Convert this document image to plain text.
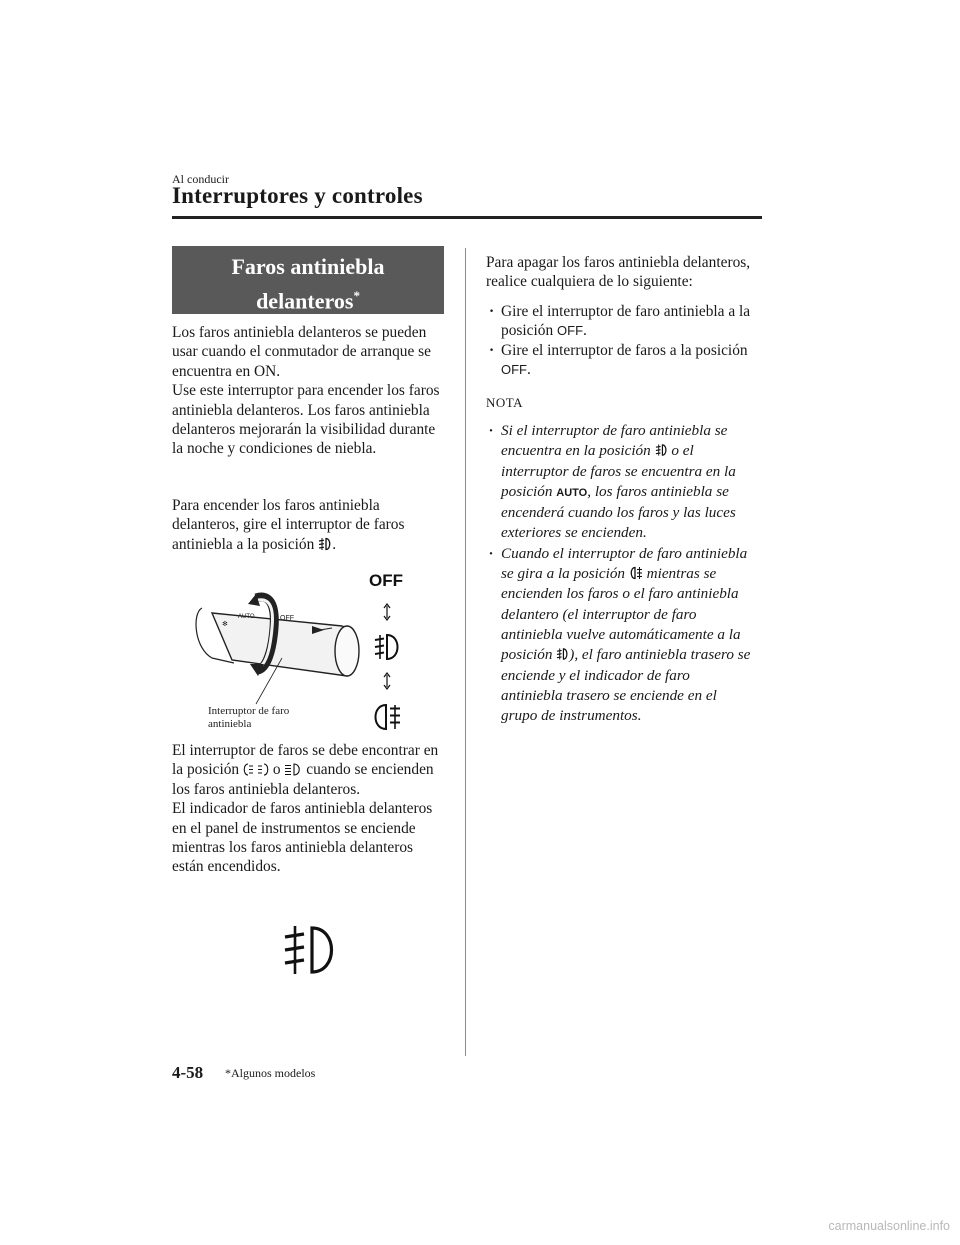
Al conducir
Interruptores y controles
Faros antiniebla
delanteros*
Los faros antiniebla delanteros se pueden usar cuando el conmutador de arranque se encuentra en ON.
Use este interruptor para encender los faros antiniebla delanteros. Los faros antiniebla delanteros mejorarán la visibilidad durante la noche y condiciones de niebla.
Para encender los faros antiniebla delanteros, gire el interruptor de faros antiniebla a la posición .
OFF
✻
AUTO
OFF
Interruptor de faro
antiniebla
El interruptor de faros se debe encontrar en la posición o cuando se encienden los faros antiniebla delanteros.
El indicador de faros antiniebla delanteros en el panel de instrumentos se enciende mientras los faros antiniebla delanteros están encendidos.
Para apagar los faros antiniebla delanteros, realice cualquiera de lo siguiente:
· Gire el interruptor de faro antiniebla a la posición OFF.
· Gire el interruptor de faros a la posición OFF.
NOTA
· Si el interruptor de faro antiniebla se encuentra en la posición o el interruptor de faros se encuentra en la posición AUTO, los faros antiniebla se encenderá cuando los faros y las luces exteriores se encienden.
· Cuando el interruptor de faro antiniebla se gira a la posición mientras se encienden los faros o el faro antiniebla delantero (el interruptor de faro antiniebla vuelve automáticamente a la posición ), el faro antiniebla trasero se enciende y el indicador de faro antiniebla trasero se enciende en el grupo de instrumentos.
4-58 *Algunos modelos
carmanualsonline.info
